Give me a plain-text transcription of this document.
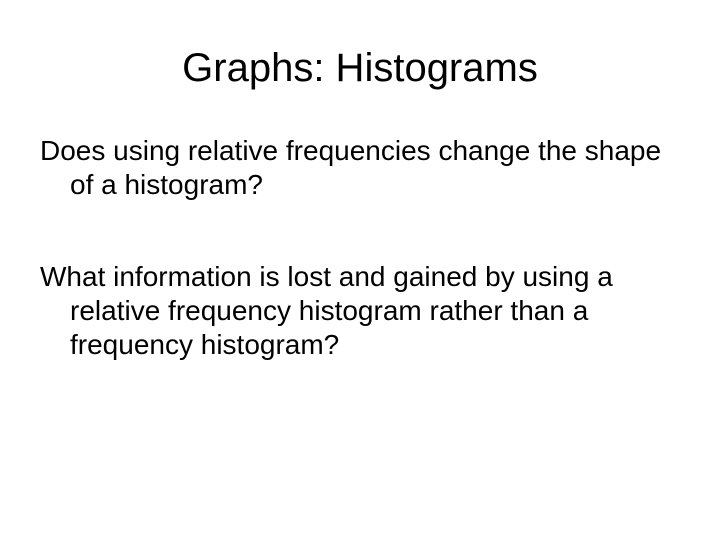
Graphs: Histograms
Does using relative frequencies change the shape of a histogram?
What information is lost and gained by using a relative frequency histogram rather than a frequency histogram?
